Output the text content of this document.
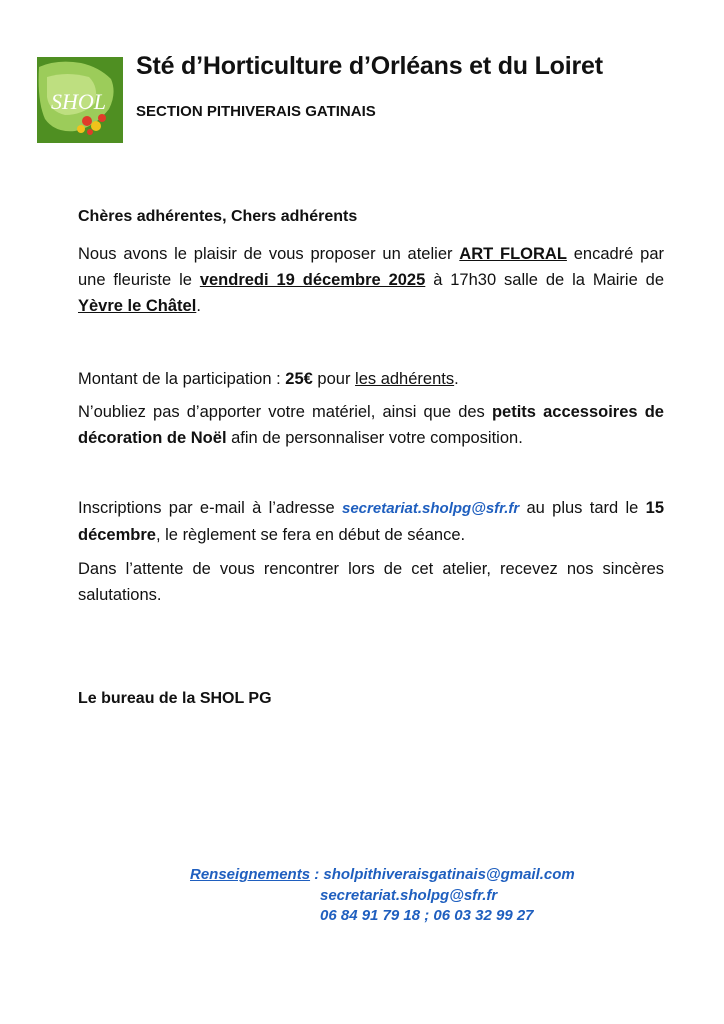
SHOL
Sté d’Horticulture d’Orléans et du Loiret
SECTION PITHIVERAIS GATINAIS
Chères adhérentes, Chers adhérents
Nous avons le plaisir de vous proposer un atelier ART FLORAL encadré par une fleuriste le vendredi 19 décembre 2025 à 17h30 salle de la Mairie de Yèvre le Châtel.
Montant de la participation : 25€ pour les adhérents.
N’oubliez pas d’apporter votre matériel, ainsi que des petits accessoires de décoration de Noël afin de personnaliser votre composition.
Inscriptions par e-mail à l’adresse secretariat.sholpg@sfr.fr au plus tard le 15 décembre, le règlement se fera en début de séance.
Dans l’attente de vous rencontrer lors de cet atelier, recevez nos sincères salutations.
Le bureau de la SHOL PG
Renseignements : sholpithiveraisgatinais@gmail.com
secretariat.sholpg@sfr.fr
06 84 91 79 18 ; 06 03 32 99 27
